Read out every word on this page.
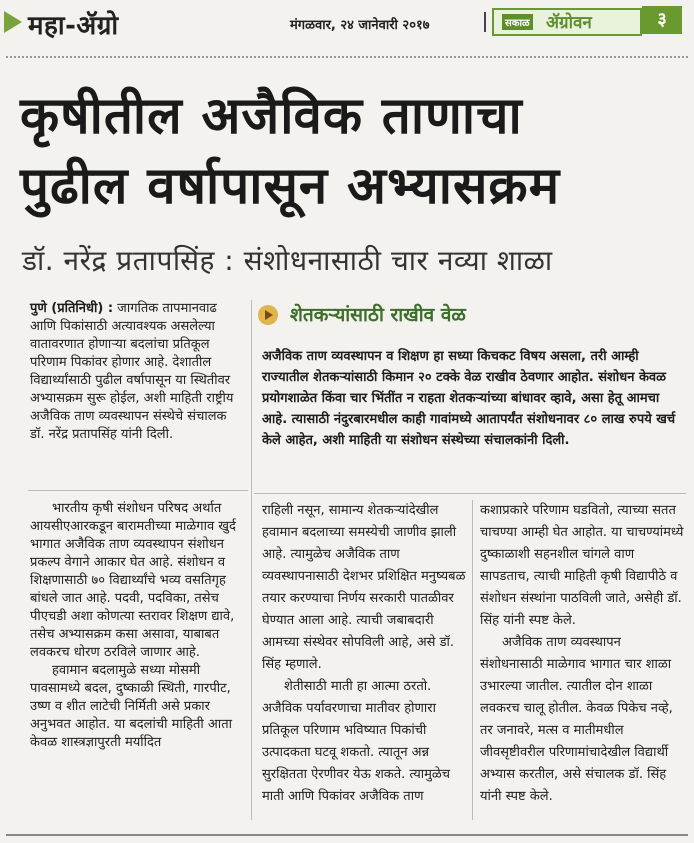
महा-ॲग्रो	मंगळवार, २४ जानेवारी २०१७	सकाळ ॲग्रोवन	३
कृषीतील अजैविक ताणाचा
पुढील वर्षापासून अभ्यासक्रम

डॉ. नरेंद्र प्रतापसिंह : संशोधनासाठी चार नव्या शाळा

पुणे (प्रतिनिधी) : जागतिक तापमानवाढ आणि पिकांसाठी अत्यावश्यक असलेल्या वातावरणात होणाऱ्या बदलांचा प्रतिकूल परिणाम पिकांवर होणार आहे. देशातील विद्यार्थ्यांसाठी पुढील वर्षापासून या स्थितीवर अभ्यासक्रम सुरू होईल, अशी माहिती राष्ट्रीय अजैविक ताण व्यवस्थापन संस्थेचे संचालक डॉ. नरेंद्र प्रतापसिंह यांनी दिली.

भारतीय कृषी संशोधन परिषद अर्थात आयसीएआरकडून बारामतीच्या माळेगाव खुर्द भागात अजैविक ताण व्यवस्थापन संशोधन प्रकल्प वेगाने आकार घेत आहे. संशोधन व शिक्षणासाठी ७० विद्यार्थ्यांचे भव्य वसतिगृह बांधले जात आहे. पदवी, पदविका, तसेच पीएचडी अशा कोणत्या स्तरावर शिक्षण द्यावे, तसेच अभ्यासक्रम कसा असावा, याबाबत लवकरच धोरण ठरविले जाणार आहे.

हवामान बदलामुळे सध्या मोसमी पावसामध्ये बदल, दुष्काळी स्थिती, गारपीट, उष्ण व शीत लाटेची निर्मिती असे प्रकार अनुभवत आहोत. या बदलांची माहिती आता केवळ शास्त्रज्ञापुरती मर्यादित

शेतकऱ्यांसाठी राखीव वेळ

अजैविक ताण व्यवस्थापन व शिक्षण हा सध्या किचकट विषय असला, तरी आम्ही राज्यातील शेतकऱ्यांसाठी किमान २० टक्के वेळ राखीव ठेवणार आहोत. संशोधन केवळ प्रयोगशाळेत किंवा चार भिंतींत न राहता शेतकऱ्यांच्या बांधावर व्हावे, असा हेतू आमचा आहे. त्यासाठी नंदुरबारमधील काही गावांमध्ये आतापर्यंत संशोधनावर ८० लाख रुपये खर्च केले आहेत, अशी माहिती या संशोधन संस्थेच्या संचालकांनी दिली.

राहिली नसून, सामान्य शेतकऱ्यांदेखील हवामान बदलाच्या समस्येची जाणीव झाली आहे. त्यामुळेच अजैविक ताण व्यवस्थापनासाठी देशभर प्रशिक्षित मनुष्यबळ तयार करण्याचा निर्णय सरकारी पातळीवर घेण्यात आला आहे. त्याची जबाबदारी आमच्या संस्थेवर सोपविली आहे, असे डॉ. सिंह म्हणाले.

शेतीसाठी माती हा आत्मा ठरतो. अजैविक पर्यावरणाचा मातीवर होणारा प्रतिकूल परिणाम भविष्यात पिकांची उत्पादकता घटवू शकतो. त्यातून अन्न सुरक्षितता ऐरणीवर येऊ शकते. त्यामुळेच माती आणि पिकांवर अजैविक ताण

कशाप्रकारे परिणाम घडवितो, त्याच्या सतत चाचण्या आम्ही घेत आहोत. या चाचण्यांमध्ये दुष्काळाशी सहनशील चांगले वाण सापडताच, त्याची माहिती कृषी विद्यापीठे व संशोधन संस्थांना पाठविली जाते, असेही डॉ. सिंह यांनी स्पष्ट केले.

अजैविक ताण व्यवस्थापन संशोधनासाठी माळेगाव भागात चार शाळा उभारल्या जातील. त्यातील दोन शाळा लवकरच चालू होतील. केवळ पिकेच नव्हे, तर जनावरे, मत्स व मातीमधील जीवसृष्टीवरील परिणामांचादेखील विद्यार्थी अभ्यास करतील, असे संचालक डॉ. सिंह यांनी स्पष्ट केले.
